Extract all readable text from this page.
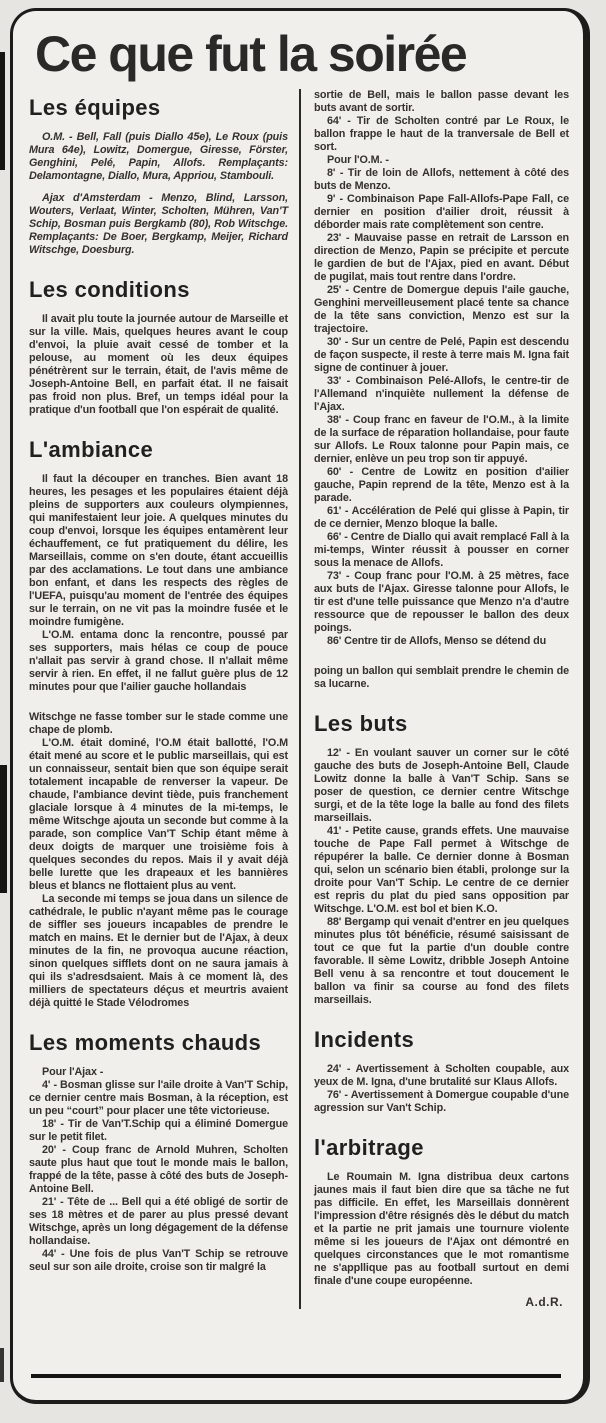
Ce que fut la soirée
Les équipes

O.M. - Bell, Fall (puis Diallo 45e), Le Roux (puis Mura 64e), Lowitz, Domergue, Giresse, Förster, Genghini, Pelé, Papin, Allofs. Remplaçants: Delamontagne, Diallo, Mura, Appriou, Stambouli.

Ajax d'Amsterdam - Menzo, Blind, Larsson, Wouters, Verlaat, Winter, Scholten, Mühren, Van'T Schip, Bosman puis Bergkamb (80), Rob Witschge. Remplaçants: De Boer, Bergkamp, Meijer, Richard Witschge, Doesburg.

Les conditions

Il avait plu toute la journée autour de Marseille et sur la ville. Mais, quelques heures avant le coup d'envoi, la pluie avait cessé de tomber et la pelouse, au moment où les deux équipes pénétrèrent sur le terrain, était, de l'avis même de Joseph-Antoine Bell, en parfait état. Il ne faisait pas froid non plus. Bref, un temps idéal pour la pratique d'un football que l'on espérait de qualité.

L'ambiance

Il faut la découper en tranches. Bien avant 18 heures, les pesages et les populaires étaient déjà pleins de supporters aux couleurs olympiennes, qui manifestaient leur joie. A quelques minutes du coup d'envoi, lorsque les équipes entamèrent leur échauffement, ce fut pratiquement du délire, les Marseillais, comme on s'en doute, étant accueillis par des acclamations. Le tout dans une ambiance bon enfant, et dans les respects des règles de l'UEFA, puisqu'au moment de l'entrée des équipes sur le terrain, on ne vit pas la moindre fusée et le moindre fumigène.

L'O.M. entama donc la rencontre, poussé par ses supporters, mais hélas ce coup de pouce n'allait pas servir à grand chose. Il n'allait même servir à rien. En effet, il ne fallut guère plus de 12 minutes pour que l'ailier gauche hollandais

Witschge ne fasse tomber sur le stade comme une chape de plomb.

L'O.M. était dominé, l'O.M était ballotté, l'O.M était mené au score et le public marseillais, qui est un connaisseur, sentait bien que son équipe serait totalement incapable de renverser la vapeur. De chaude, l'ambiance devint tiède, puis franchement glaciale lorsque à 4 minutes de la mi-temps, le même Witschge ajouta un seconde but comme à la parade, son complice Van'T Schip étant même à deux doigts de marquer une troisième fois à quelques secondes du repos. Mais il y avait déjà belle lurette que les drapeaux et les bannières bleus et blancs ne flottaient plus au vent.

La seconde mi temps se joua dans un silence de cathédrale, le public n'ayant même pas le courage de siffler ses joueurs incapables de prendre le match en mains. Et le dernier but de l'Ajax, à deux minutes de la fin, ne provoqua aucune réaction, sinon quelques sifflets dont on ne saura jamais à qui ils s'adresdsaient. Mais à ce moment là, des milliers de spectateurs déçus et meurtris avaient déjà quitté le Stade Vélodromes

Les moments chauds

Pour l'Ajax -

4' - Bosman glisse sur l'aile droite à Van'T Schip, ce dernier centre mais Bosman, à la réception, est un peu “court” pour placer une tête victorieuse.

18' - Tir de Van'T.Schip qui a éliminé Domergue sur le petit filet.

20' - Coup franc de Arnold Muhren, Scholten saute plus haut que tout le monde mais le ballon, frappé de la tête, passe à côté des buts de Joseph-Antoine Bell.

21' - Tête de ... Bell qui a été obligé de sortir de ses 18 mètres et de parer au plus pressé devant Witschge, après un long dégagement de la défense hollandaise.

44' - Une fois de plus Van'T Schip se retrouve seul sur son aile droite, croise son tir malgré la

sortie de Bell, mais le ballon passe devant les buts avant de sortir.

64' - Tir de Scholten contré par Le Roux, le ballon frappe le haut de la tranversale de Bell et sort.

Pour l'O.M. -

8' - Tir de loin de Allofs, nettement à côté des buts de Menzo.

9' - Combinaison Pape Fall-Allofs-Pape Fall, ce dernier en position d'ailier droit, réussit à déborder mais rate complètement son centre.

23' - Mauvaise passe en retrait de Larsson en direction de Menzo, Papin se précipite et percute le gardien de but de l'Ajax, pied en avant. Début de pugilat, mais tout rentre dans l'ordre.

25' - Centre de Domergue depuis l'aile gauche, Genghini merveilleusement placé tente sa chance de la tête sans conviction, Menzo est sur la trajectoire.

30' - Sur un centre de Pelé, Papin est descendu de façon suspecte, il reste à terre mais M. Igna fait signe de continuer à jouer.

33' - Combinaison Pelé-Allofs, le centre-tir de l'Allemand n'inquiète nullement la défense de l'Ajax.

38' - Coup franc en faveur de l'O.M., à la limite de la surface de réparation hollandaise, pour faute sur Allofs. Le Roux talonne pour Papin mais, ce dernier, enlève un peu trop son tir appuyé.

60' - Centre de Lowitz en position d'ailier gauche, Papin reprend de la tête, Menzo est à la parade.

61' - Accélération de Pelé qui glisse à Papin, tir de ce dernier, Menzo bloque la balle.

66' - Centre de Diallo qui avait remplacé Fall à la mi-temps, Winter réussit à pousser en corner sous la menace de Allofs.

73' - Coup franc pour l'O.M. à 25 mètres, face aux buts de l'Ajax. Giresse talonne pour Allofs, le tir est d'une telle puissance que Menzo n'a d'autre ressource que de repousser le ballon des deux poings.

86' Centre tir de Allofs, Menso se détend du

poing un ballon qui semblait prendre le chemin de sa lucarne.

Les buts

12' - En voulant sauver un corner sur le côté gauche des buts de Joseph-Antoine Bell, Claude Lowitz donne la balle à Van'T Schip. Sans se poser de question, ce dernier centre Witschge surgi, et de la tête loge la balle au fond des filets marseillais.

41' - Petite cause, grands effets. Une mauvaise touche de Pape Fall permet à Witschge de répupérer la balle. Ce dernier donne à Bosman qui, selon un scénario bien établi, prolonge sur la droite pour Van'T Schip. Le centre de ce dernier est repris du plat du pied sans opposition par Witschge. L'O.M. est bol et bien K.O.

88' Bergamp qui venait d'entrer en jeu quelques minutes plus tôt bénéficie, résumé saisissant de tout ce que fut la partie d'un double contre favorable. Il sème Lowitz, dribble Joseph Antoine Bell venu à sa rencontre et tout doucement le ballon va finir sa course au fond des filets marseillais.

Incidents

24' - Avertissement à Scholten coupable, aux yeux de M. Igna, d'une brutalité sur Klaus Allofs.

76' - Avertissement à Domergue coupable d'une agression sur Van't Schip.

l'arbitrage

Le Roumain M. Igna distribua deux cartons jaunes mais il faut bien dire que sa tâche ne fut pas difficile. En effet, les Marseillais donnèrent l'impression d'être résignés dès le début du match et la partie ne prit jamais une tournure violente même si les joueurs de l'Ajax ont démontré en quelques circonstances que le mot romantisme ne s'appllique pas au football surtout en demi finale d'une coupe européenne.

A.d.R.
